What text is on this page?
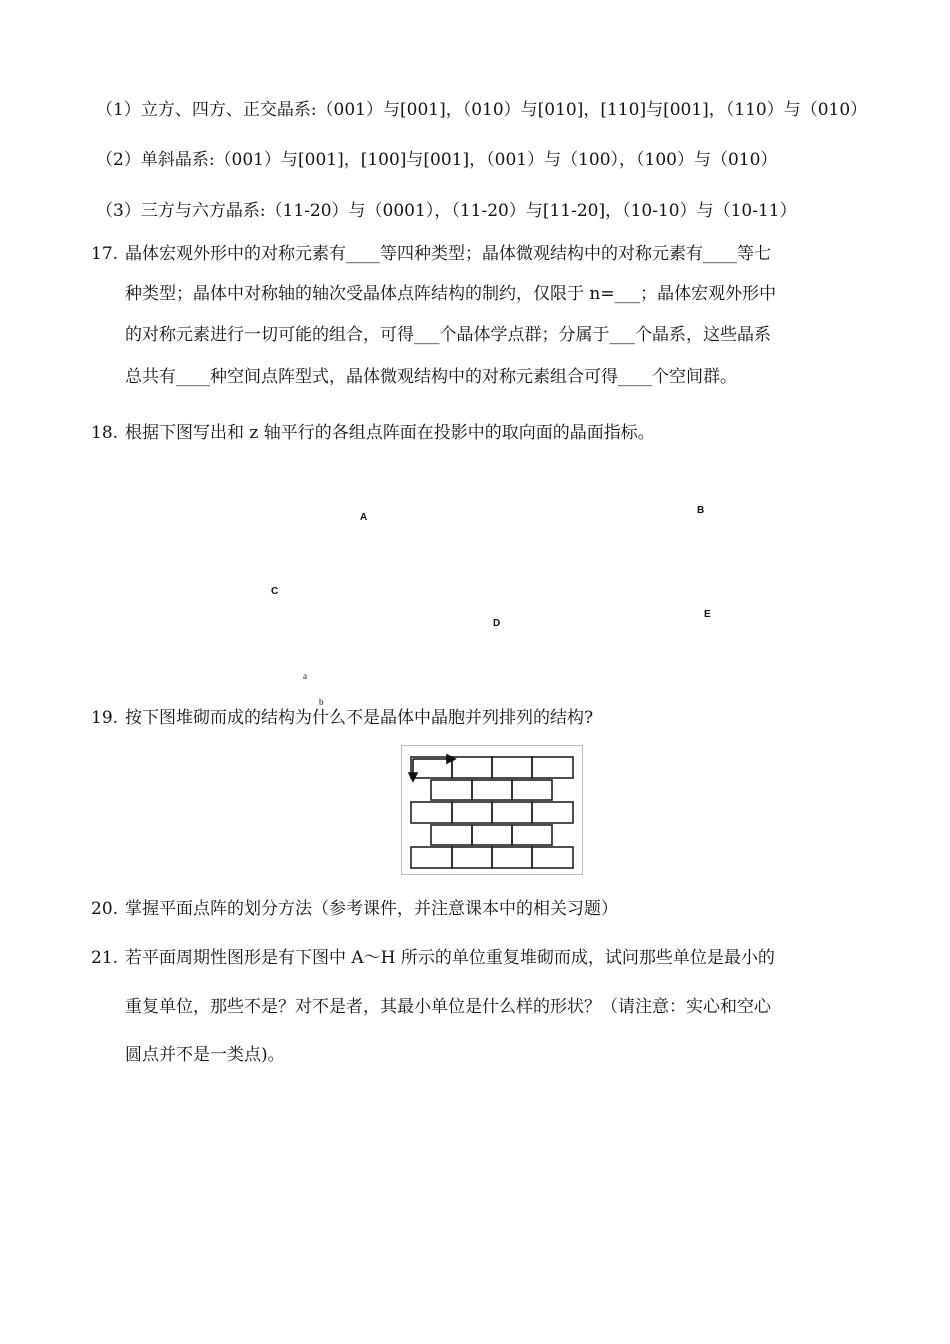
（1）立方、四方、正交晶系:（001）与[001]，（010）与[010]，[110]与[001]，（110）与（010）
（2）单斜晶系:（001）与[001]，[100]与[001]，（001）与（100），（100）与（010）
（3）三方与六方晶系:（11-20）与（0001），（11-20）与[11-20]，（10-10）与（10-11）
17. 晶体宏观外形中的对称元素有____等四种类型；晶体微观结构中的对称元素有____等七
种类型；晶体中对称轴的轴次受晶体点阵结构的制约，仅限于 n=___；晶体宏观外形中
的对称元素进行一切可能的组合，可得___个晶体学点群；分属于___个晶系，这些晶系
总共有____种空间点阵型式，晶体微观结构中的对称元素组合可得____个空间群。
18. 根据下图写出和 z 轴平行的各组点阵面在投影中的取向面的晶面指标。
A
B
C
D
E
a
b
19. 按下图堆砌而成的结构为什么不是晶体中晶胞并列排列的结构?
20. 掌握平面点阵的划分方法（参考课件，并注意课本中的相关习题）
21. 若平面周期性图形是有下图中 A～H 所示的单位重复堆砌而成，试问那些单位是最小的
重复单位，那些不是？对不是者，其最小单位是什么样的形状？（请注意：实心和空心
圆点并不是一类点)。
